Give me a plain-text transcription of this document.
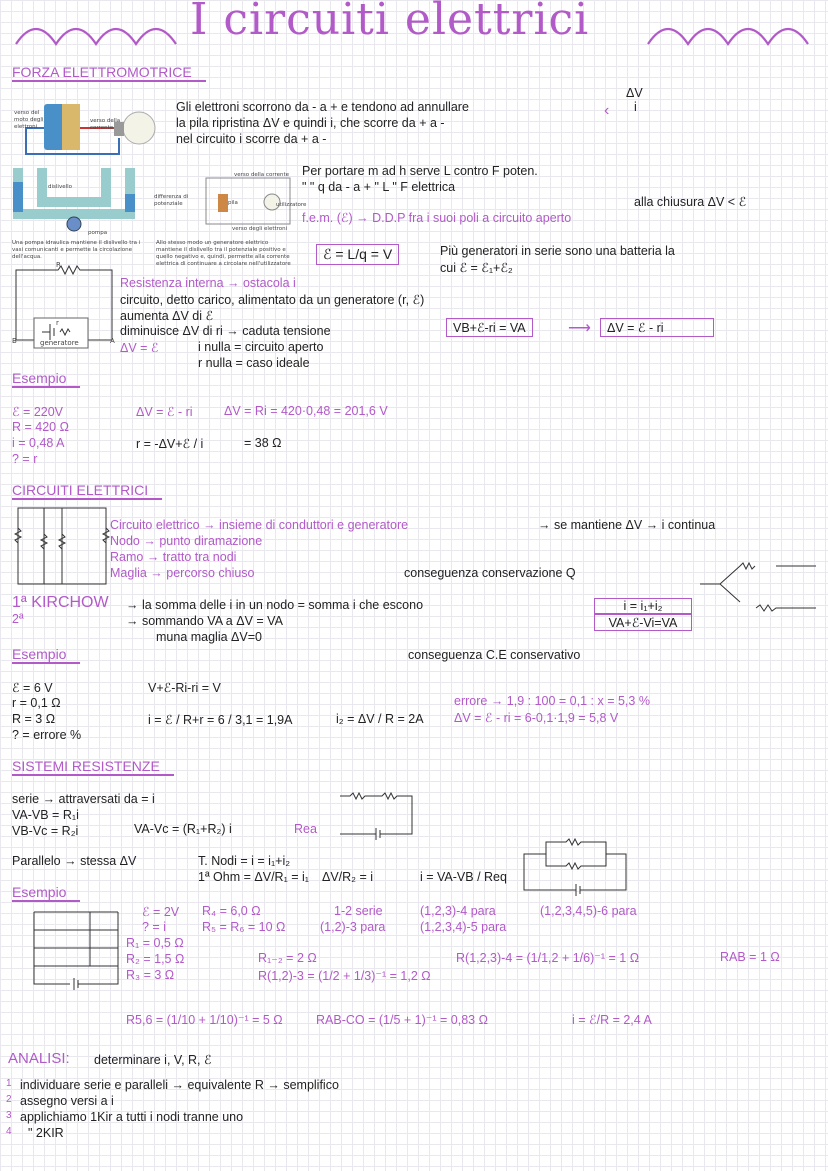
I circuiti elettrici
FORZA ELETTROMOTRICE
verso del moto degli elettroni
verso della corrente
dislivello
pompa
Una pompa idraulica mantiene il dislivello tra i vasi comunicanti e permette la circolazione dell'acqua.
verso della corrente
differenza di potenziale	pila	utilizzatore
verso degli elettroni
Allo stesso modo un generatore elettrico mantiene il dislivello tra il potenziale positivo e quello negativo e, quindi, permette alla corrente elettrica di continuare a circolare nell'utilizzatore
R
r
B	A
generatore
Gli elettroni scorrono da - a + e tendono ad annullare	‹
ΔV
i
la pila ripristina ΔV e quindi i, che scorre da + a -
nel circuito i scorre da + a -
Per portare m ad h serve L contro F poten.
" " q da - a + " L " F elettrica
alla chiusura ΔV < ℰ
f.e.m. (ℰ) → D.D.P fra i suoi poli a circuito aperto
ℰ = L/q = V	Più generatori in serie sono una batteria la
cui ℰ = ℰ₁+ℰ₂
Resistenza interna → ostacola i
circuito, detto carico, alimentato da un generatore (r, ℰ)
aumenta ΔV di ℰ
diminuisce ΔV di ri → caduta tensione
ΔV = ℰ	i nulla = circuito aperto
r nulla = caso ideale
VB+ℰ-ri = VA	⟶	ΔV = ℰ - ri
Esempio
ℰ = 220V
R = 420 Ω
i = 0,48 A
? = r
ΔV = ℰ - ri	ΔV = Ri = 420·0,48 = 201,6 V
r = -ΔV+ℰ / i	= 38 Ω
CIRCUITI ELETTRICI
Circuito elettrico → insieme di conduttori e generatore	→ se mantiene ΔV → i continua
Nodo → punto diramazione
Ramo → tratto tra nodi
Maglia → percorso chiuso	conseguenza conservazione Q
1ª KIRCHOW
2ª
→ la somma delle i in un nodo = somma i che escono
→ sommando VA a ΔV = VA
muna maglia ΔV=0
i = i₁+i₂
VA+ℰ-Vi=VA
conseguenza C.E conservativo
Esempio
ℰ = 6 V
r = 0,1 Ω
R = 3 Ω
? = errore %
V+ℰ-Ri-ri = V
i = ℰ / R+r = 6 / 3,1 = 1,9A	i₂ = ΔV / R = 2A
errore → 1,9 : 100 = 0,1 : x = 5,3 %
ΔV = ℰ - ri = 6-0,1·1,9 = 5,8 V
SISTEMI RESISTENZE
serie → attraversati da = i
VA-VB = R₁i
VB-Vc = R₂i	VA-Vc = (R₁+R₂) i	Rea
Parallelo → stessa ΔV	T. Nodi = i = i₁+i₂
1ª Ohm = ΔV/R₁ = i₁ ΔV/R₂ = i	i = VA-VB / Req
Esempio
ℰ = 2V
? = i
R₁ = 0,5 Ω
R₂ = 1,5 Ω
R₃ = 3 Ω
R₄ = 6,0 Ω
R₅ = R₆ = 10 Ω
1-2 serie
(1,2)-3 para
(1,2,3)-4 para
(1,2,3,4)-5 para
(1,2,3,4,5)-6 para
R₁₋₂ = 2 Ω
R(1,2)-3 = (1/2 + 1/3)⁻¹ = 1,2 Ω
R(1,2,3)-4 = (1/1,2 + 1/6)⁻¹ = 1 Ω	RAB = 1 Ω
R5,6 = (1/10 + 1/10)⁻¹ = 5 Ω	RAB-CO = (1/5 + 1)⁻¹ = 0,83 Ω	i = ℰ/R = 2,4 A
ANALISI: determinare i, V, R, ℰ
1 individuare serie e paralleli → equivalente R → semplifico
2 assegno versi a i
3 applichiamo 1Kir a tutti i nodi tranne uno
4 " 2KIR
